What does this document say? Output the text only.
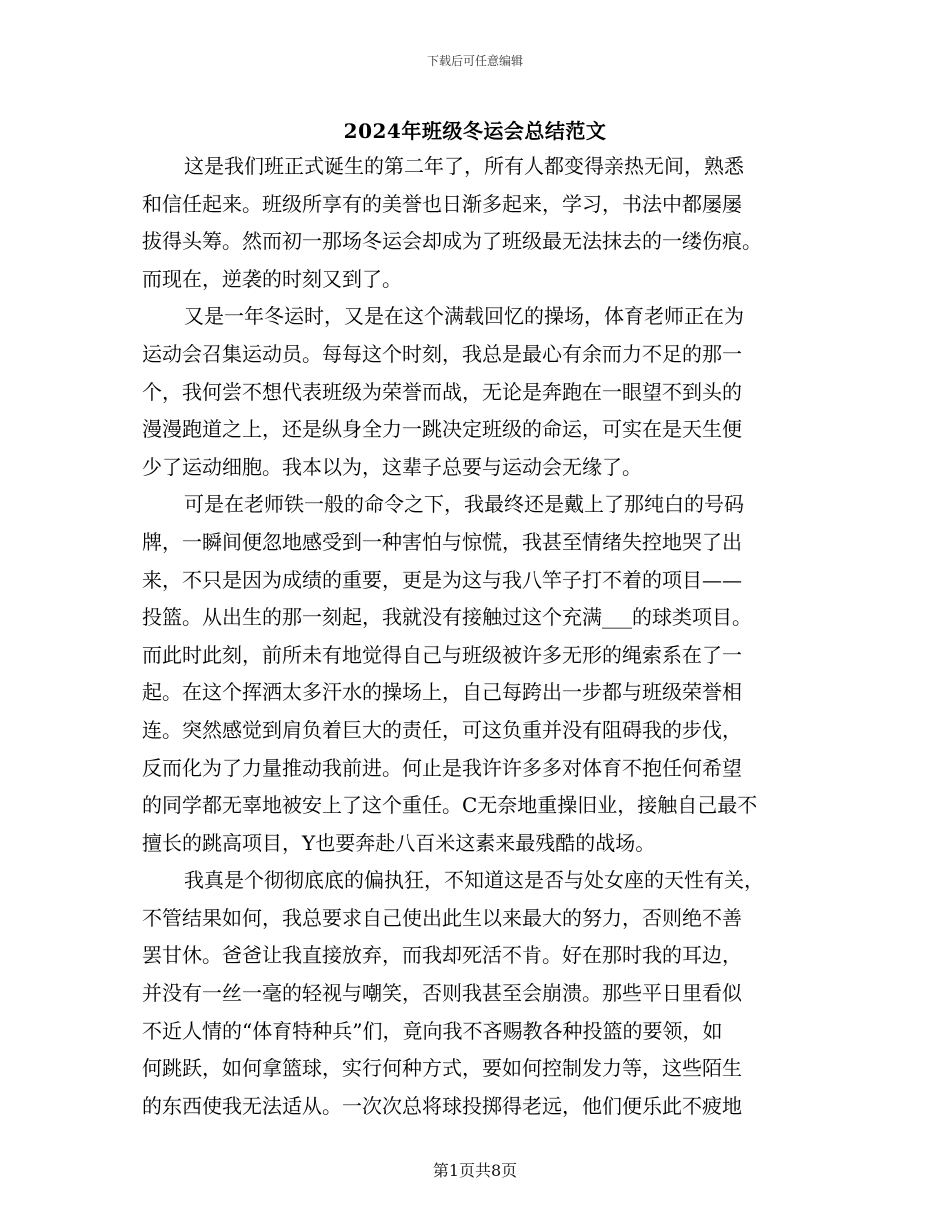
下载后可任意编辑
2024年班级冬运会总结范文
这是我们班正式诞生的第二年了，所有人都变得亲热无间，熟悉
和信任起来。班级所享有的美誉也日渐多起来，学习，书法中都屡屡
拔得头筹。然而初一那场冬运会却成为了班级最无法抹去的一缕伤痕。
而现在，逆袭的时刻又到了。
又是一年冬运时，又是在这个满载回忆的操场，体育老师正在为
运动会召集运动员。每每这个时刻，我总是最心有余而力不足的那一
个，我何尝不想代表班级为荣誉而战，无论是奔跑在一眼望不到头的
漫漫跑道之上，还是纵身全力一跳决定班级的命运，可实在是天生便
少了运动细胞。我本以为，这辈子总要与运动会无缘了。
可是在老师铁一般的命令之下，我最终还是戴上了那纯白的号码
牌，一瞬间便忽地感受到一种害怕与惊慌，我甚至情绪失控地哭了出
来，不只是因为成绩的重要，更是为这与我八竿子打不着的项目——
投篮。从出生的那一刻起，我就没有接触过这个充满___的球类项目。
而此时此刻，前所未有地觉得自己与班级被许多无形的绳索系在了一
起。在这个挥洒太多汗水的操场上，自己每跨出一步都与班级荣誉相
连。突然感觉到肩负着巨大的责任，可这负重并没有阻碍我的步伐，
反而化为了力量推动我前进。何止是我许许多多对体育不抱任何希望
的同学都无辜地被安上了这个重任。C无奈地重操旧业，接触自己最不
擅长的跳高项目，Y也要奔赴八百米这素来最残酷的战场。
我真是个彻彻底底的偏执狂，不知道这是否与处女座的天性有关，
不管结果如何，我总要求自己使出此生以来最大的努力，否则绝不善
罢甘休。爸爸让我直接放弃，而我却死活不肯。好在那时我的耳边，
并没有一丝一毫的轻视与嘲笑，否则我甚至会崩溃。那些平日里看似
不近人情的“体育特种兵”们，竟向我不吝赐教各种投篮的要领，如
何跳跃，如何拿篮球，实行何种方式，要如何控制发力等，这些陌生
的东西使我无法适从。一次次总将球投掷得老远，他们便乐此不疲地
第1页共8页
